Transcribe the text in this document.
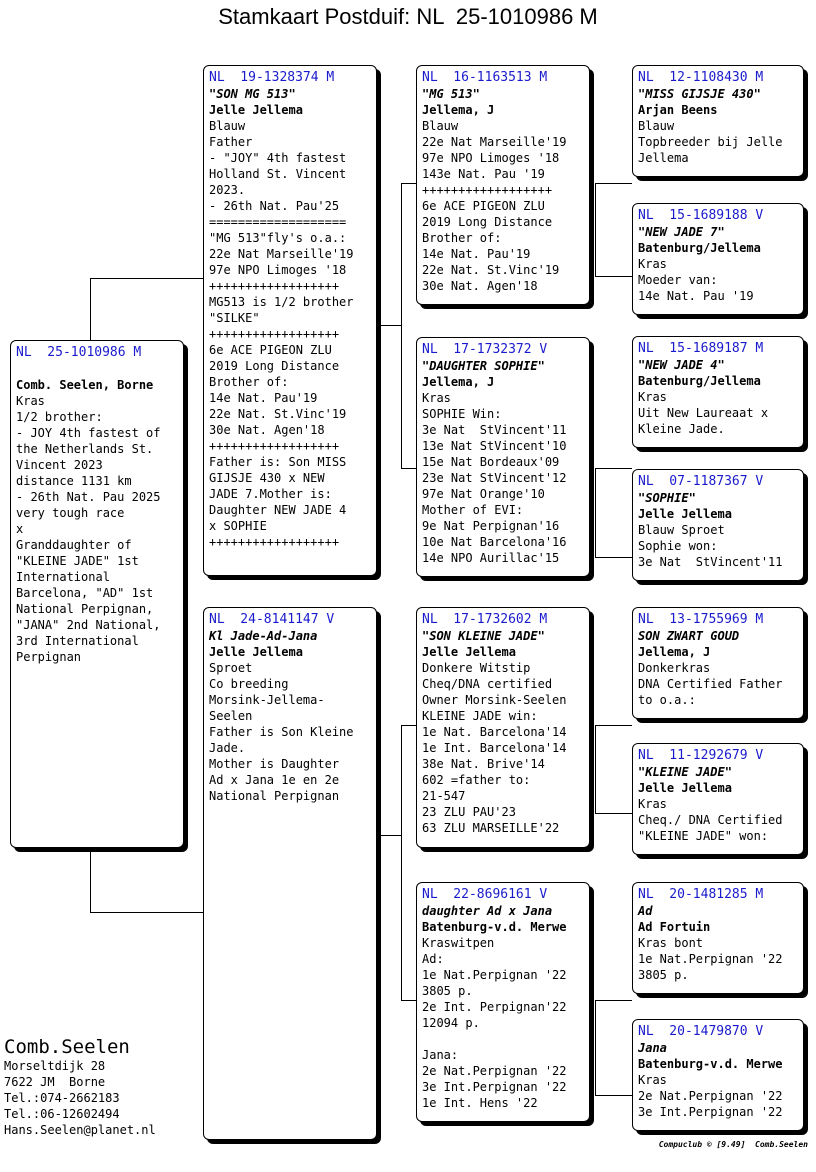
Stamkaart Postduif: NL  25-1010986 M
NL  25-1010986 M

Comb. Seelen, Borne
Kras
1/2 brother:
- JOY 4th fastest of
the Netherlands St.
Vincent 2023
distance 1131 km
- 26th Nat. Pau 2025
very tough race
x
Granddaughter of
"KLEINE JADE" 1st
International
Barcelona, "AD" 1st
National Perpignan,
"JANA" 2nd National,
3rd International
Perpignan
NL  19-1328374 M
"SON MG 513"
Jelle Jellema
Blauw
Father
- "JOY" 4th fastest
Holland St. Vincent
2023.
- 26th Nat. Pau'25
===================
"MG 513"fly's o.a.:
22e Nat Marseille'19
97e NPO Limoges '18
++++++++++++++++++
MG513 is 1/2 brother
"SILKE"
++++++++++++++++++
6e ACE PIGEON ZLU
2019 Long Distance
Brother of:
14e Nat. Pau'19
22e Nat. St.Vinc'19
30e Nat. Agen'18
++++++++++++++++++
Father is: Son MISS
GIJSJE 430 x NEW
JADE 7.Mother is:
Daughter NEW JADE 4
x SOPHIE
++++++++++++++++++
NL  24-8141147 V
Kl Jade-Ad-Jana
Jelle Jellema
Sproet
Co breeding
Morsink-Jellema-
Seelen
Father is Son Kleine
Jade.
Mother is Daughter
Ad x Jana 1e en 2e
National Perpignan
NL  16-1163513 M
"MG 513"
Jellema, J
Blauw
22e Nat Marseille'19
97e NPO Limoges '18
143e Nat. Pau '19
++++++++++++++++++
6e ACE PIGEON ZLU
2019 Long Distance
Brother of:
14e Nat. Pau'19
22e Nat. St.Vinc'19
30e Nat. Agen'18
NL  17-1732372 V
"DAUGHTER SOPHIE"
Jellema, J
Kras
SOPHIE Win:
3e Nat  StVincent'11
13e Nat StVincent'10
15e Nat Bordeaux'09
23e Nat StVincent'12
97e Nat Orange'10
Mother of EVI:
9e Nat Perpignan'16
10e Nat Barcelona'16
14e NPO Aurillac'15
NL  17-1732602 M
"SON KLEINE JADE"
Jelle Jellema
Donkere Witstip
Cheq/DNA certified
Owner Morsink-Seelen
KLEINE JADE win:
1e Nat. Barcelona'14
1e Int. Barcelona'14
38e Nat. Brive'14
602 =father to:
21-547
23 ZLU PAU'23
63 ZLU MARSEILLE'22
NL  22-8696161 V
daughter Ad x Jana
Batenburg-v.d. Merwe
Kraswitpen
Ad:
1e Nat.Perpignan '22
3805 p.
2e Int. Perpignan'22
12094 p.

Jana:
2e Nat.Perpignan '22
3e Int.Perpignan '22
1e Int. Hens '22
NL  12-1108430 M
"MISS GIJSJE 430"
Arjan Beens
Blauw
Topbreeder bij Jelle
Jellema
NL  15-1689188 V
"NEW JADE 7"
Batenburg/Jellema
Kras
Moeder van:
14e Nat. Pau '19
NL  15-1689187 M
"NEW JADE 4"
Batenburg/Jellema
Kras
Uit New Laureaat x
Kleine Jade.
NL  07-1187367 V
"SOPHIE"
Jelle Jellema
Blauw Sproet
Sophie won:
3e Nat  StVincent'11
NL  13-1755969 M
SON ZWART GOUD
Jellema, J
Donkerkras
DNA Certified Father
to o.a.:
NL  11-1292679 V
"KLEINE JADE"
Jelle Jellema
Kras
Cheq./ DNA Certified
"KLEINE JADE" won:
NL  20-1481285 M
Ad
Ad Fortuin
Kras bont
1e Nat.Perpignan '22
3805 p.
NL  20-1479870 V
Jana
Batenburg-v.d. Merwe
Kras
2e Nat.Perpignan '22
3e Int.Perpignan '22
Comb.Seelen
Morseltdijk 28
7622 JM  Borne
Tel.:074-2662183
Tel.:06-12602494
Hans.Seelen@planet.nl
Compuclub © [9.49]  Comb.Seelen
